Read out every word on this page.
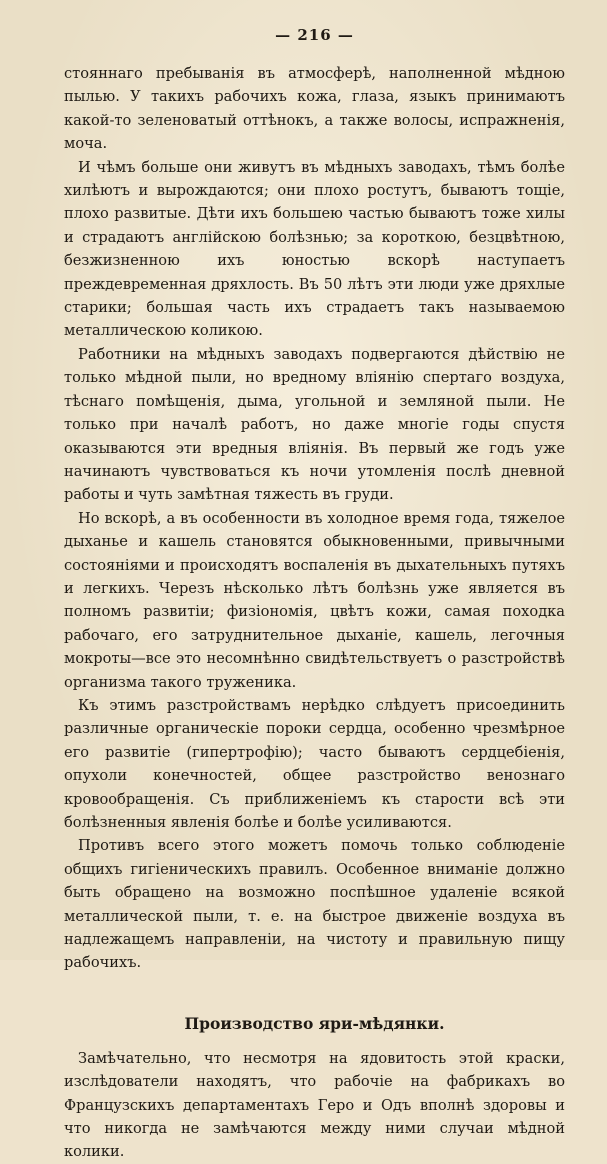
— 216 —

стояннаго пребыванія въ атмосферѣ, наполненной мѣдною пылью. У такихъ рабочихъ кожа, глаза, языкъ принимаютъ какой-то зеленоватый оттѣнокъ, а также волосы, испражненія, моча.

И чѣмъ больше они живутъ въ мѣдныхъ заводахъ, тѣмъ болѣе хилѣютъ и вырождаются; они плохо ростутъ, бываютъ тощіе, плохо развитые. Дѣти ихъ большею частью бываютъ тоже хилы и страдаютъ англійскою болѣзнью; за короткою, безцвѣтною, безжизненною ихъ юностью вскорѣ наступаетъ преждевременная дряхлость. Въ 50 лѣтъ эти люди уже дряхлые старики; большая часть ихъ страдаетъ такъ называемою металлическою коликою.

Работники на мѣдныхъ заводахъ подвергаются дѣйствію не только мѣдной пыли, но вредному вліянію спертаго воздуха, тѣснаго помѣщенія, дыма, угольной и земляной пыли. Не только при началѣ работъ, но даже многіе годы спустя оказываются эти вредныя вліянія. Въ первый же годъ уже начинаютъ чувствоваться къ ночи утомленія послѣ дневной работы и чуть замѣтная тяжесть въ груди.

Но вскорѣ, а въ особенности въ холодное время года, тяжелое дыханье и кашель становятся обыкновенными, привычными состояніями и происходятъ воспаленія въ дыхательныхъ путяхъ и легкихъ. Черезъ нѣсколько лѣтъ болѣзнь уже является въ полномъ развитіи; физіономія, цвѣтъ кожи, самая походка рабочаго, его затруднительное дыханіе, кашель, легочныя мокроты—все это несомнѣнно свидѣтельствуетъ о разстройствѣ организма такого труженика.

Къ этимъ разстройствамъ нерѣдко слѣдуетъ присоединить различные органическіе пороки сердца, особенно чрезмѣрное его развитіе (гипертрофію); часто бываютъ сердцебіенія, опухоли конечностей, общее разстройство венознаго кровообращенія. Съ приближеніемъ къ старости всѣ эти болѣзненныя явленія болѣе и болѣе усиливаются.

Противъ всего этого можетъ помочь только соблюденіе общихъ гигіеническихъ правилъ. Особенное вниманіе должно быть обращено на возможно поспѣшное удаленіе всякой металлической пыли, т. е. на быстрое движеніе воздуха въ надлежащемъ направленіи, на чистоту и правильную пищу рабочихъ.

Производство яри-мѣдянки.

Замѣчательно, что несмотря на ядовитость этой краски, изслѣдователи находятъ, что рабочіе на фабрикахъ во Французскихъ департаментахъ Геро и Одъ вполнѣ здоровы и что никогда не замѣчаются между ними случаи мѣдной колики.
